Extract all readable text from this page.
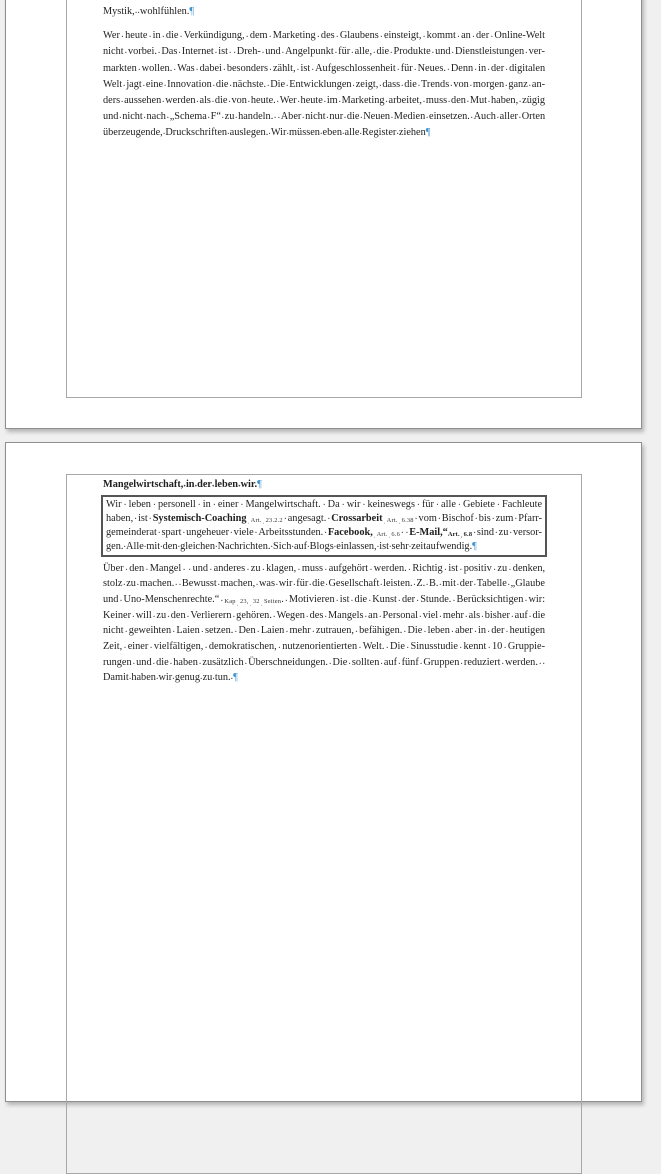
Mystik, · · wohlfühlen.¶
Wer · heute · in · die · Verkündigung, · dem · Marketing · des · Glaubens · einsteigt, · kommt · an · der · Online-Welt
nicht · vorbei. · Das · Internet · ist · · Dreh- · und · Angelpunkt · für · alle, · die · Produkte · und · Dienstleistungen · ver-
markten · wollen. · Was · dabei · besonders · zählt, · ist · Aufgeschlossenheit · für · Neues. · Denn · in · der · digitalen
Welt · jagt · eine · Innovation · die · nächste. · Die · Entwicklungen · zeigt, · dass · die · Trends · von · morgen · ganz · an-
ders · aussehen · werden · als · die · von · heute. · Wer · heute · im · Marketing · arbeitet, · muss · den · Mut · haben, · zügig
und · nicht · nach · „Schema · F“ · zu · handeln. · · Aber · nicht · nur · die · Neuen · Medien · einsetzen. · Auch · aller · Orten
überzeugende, · Druckschriften · auslegen. · Wir · müssen · eben · alle · Register · ziehen¶
Mangelwirtschaft, · in · der · leben · wir.¶
Wir · leben · personell · in · einer · Mangelwirtschaft. · Da · wir · keineswegs · für · alle · Gebiete · Fachleute
haben, · ist · Systemisch-Coaching · Art. · 23.2.2 · angesagt. · Crossarbeit · Art. · 6.38 · vom · Bischof · bis · zum · Pfarr-
gemeinderat · spart · ungeheuer · viele · Arbeitsstunden. · Facebook, · Art. · 6.6 · · E-Mail,“Art. · 6.8 · sind · zu · versor-
gen. · Alle · mit · den · gleichen · Nachrichten. · Sich · auf · Blogs · einlassen, · ist · sehr · zeitaufwendig.¶
Über · den · Mangel · · und · anderes · zu · klagen, · muss · aufgehört · werden. · Richtig · ist · positiv · zu · denken,
stolz · zu · machen. · · Bewusst · machen, · was · wir · für · die · Gesellschaft · leisten. · Z. · B. · mit · der · Tabelle · „Glaube
und · Uno-Menschenrechte.“ · Kap · 23, · 32 · Seiten. · Motivieren · ist · die · Kunst · der · Stunde. · Berücksichtigen · wir:
Keiner · will · zu · den · Verlierern · gehören. · Wegen · des · Mangels · an · Personal · viel · mehr · als · bisher · auf · die
nicht · geweihten · Laien · setzen. · Den · Laien · mehr · zutrauen, · befähigen. · Die · leben · aber · in · der · heutigen
Zeit, · einer · vielfältigen, · demokratischen, · nutzenorientierten · Welt. · Die · Sinusstudie · kennt · 10 · Gruppie-
rungen · und · die · haben · zusätzlich · Überschneidungen. · Die · sollten · auf · fünf · Gruppen · reduziert · werden.·  ·
Damit · haben · wir · genug · zu · tun. · ¶
